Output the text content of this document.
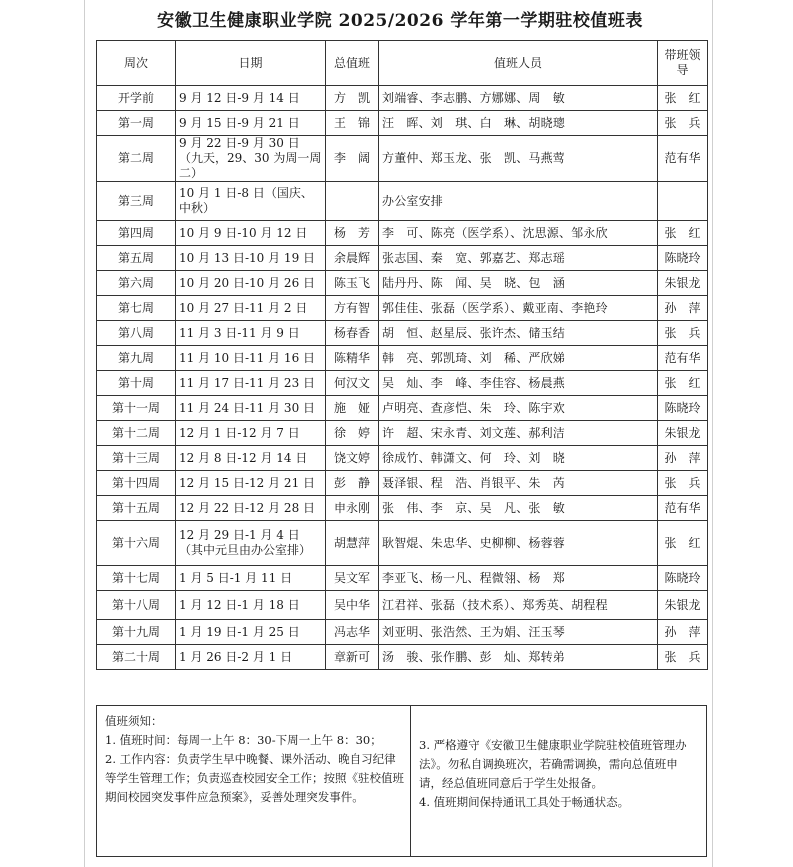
安徽卫生健康职业学院 2025/2026 学年第一学期驻校值班表
周次	日期	总值班	值班人员	带班领导
开学前	9 月 12 日-9 月 14 日	方　凯	刘端睿、李志鹏、方娜娜、周　敏	张　红
第一周	9 月 15 日-9 月 21 日	王　锦	汪　晖、刘　琪、白　琳、胡晓璁	张　兵
第二周	9 月 22 日-9 月 30 日（九天，29、30 为周一周二）	李　阔	方董仲、郑玉龙、张　凯、马燕莺	范有华
第三周	10 月 1 日-8 日（国庆、中秋）		办公室安排	
第四周	10 月 9 日-10 月 12 日	杨　芳	李　可、陈亮（医学系）、沈思源、邹永欣	张　红
第五周	10 月 13 日-10 月 19 日	余晨辉	张志国、秦　宽、郭嘉艺、郑志瑶	陈晓玲
第六周	10 月 20 日-10 月 26 日	陈玉飞	陆丹丹、陈　闻、吴　晓、包　涵	朱银龙
第七周	10 月 27 日-11 月 2 日	方有智	郭佳佳、张磊（医学系）、戴亚南、李艳玲	孙　萍
第八周	11 月 3 日-11 月 9 日	杨春香	胡　恒、赵星辰、张许杰、储玉结	张　兵
第九周	11 月 10 日-11 月 16 日	陈精华	韩　亮、郭凯琦、刘　稀、严欣娣	范有华
第十周	11 月 17 日-11 月 23 日	何汉文	吴　灿、李　峰、李佳容、杨晨燕	张　红
第十一周	11 月 24 日-11 月 30 日	施　娅	卢明亮、查彦恺、朱　玲、陈宇欢	陈晓玲
第十二周	12 月 1 日-12 月 7 日	徐　婷	许　超、宋永青、刘文莲、郝利洁	朱银龙
第十三周	12 月 8 日-12 月 14 日	饶文婷	徐成竹、韩潇文、何　玲、刘　晓	孙　萍
第十四周	12 月 15 日-12 月 21 日	彭　静	聂泽银、程　浩、肖银平、朱　芮	张　兵
第十五周	12 月 22 日-12 月 28 日	申永刚	张　伟、李　京、吴　凡、张　敏	范有华
第十六周	12 月 29 日-1 月 4 日（其中元旦由办公室排）	胡慧萍	耿智焜、朱忠华、史柳柳、杨蓉蓉	张　红
第十七周	1 月 5 日-1 月 11 日	吴文军	李亚飞、杨一凡、程微翎、杨　郑	陈晓玲
第十八周	1 月 12 日-1 月 18 日	吴中华	江君祥、张磊（技术系）、郑秀英、胡程程	朱银龙
第十九周	1 月 19 日-1 月 25 日	冯志华	刘亚明、张浩然、王为娟、汪玉琴	孙　萍
第二十周	1 月 26 日-2 月 1 日	章新可	汤　骏、张作鹏、彭　灿、郑转弟	张　兵

值班须知：

1. 值班时间：每周一上午 8：30-下周一上午 8：30；

2. 工作内容：负责学生早中晚餐、课外活动、晚自习纪律等学生管理工作；负责巡查校园安全工作；按照《驻校值班期间校园突发事件应急预案》，妥善处理突发事件。

3. 严格遵守《安徽卫生健康职业学院驻校值班管理办法》。勿私自调换班次，若确需调换，需向总值班申请，经总值班同意后于学生处报备。

4. 值班期间保持通讯工具处于畅通状态。
